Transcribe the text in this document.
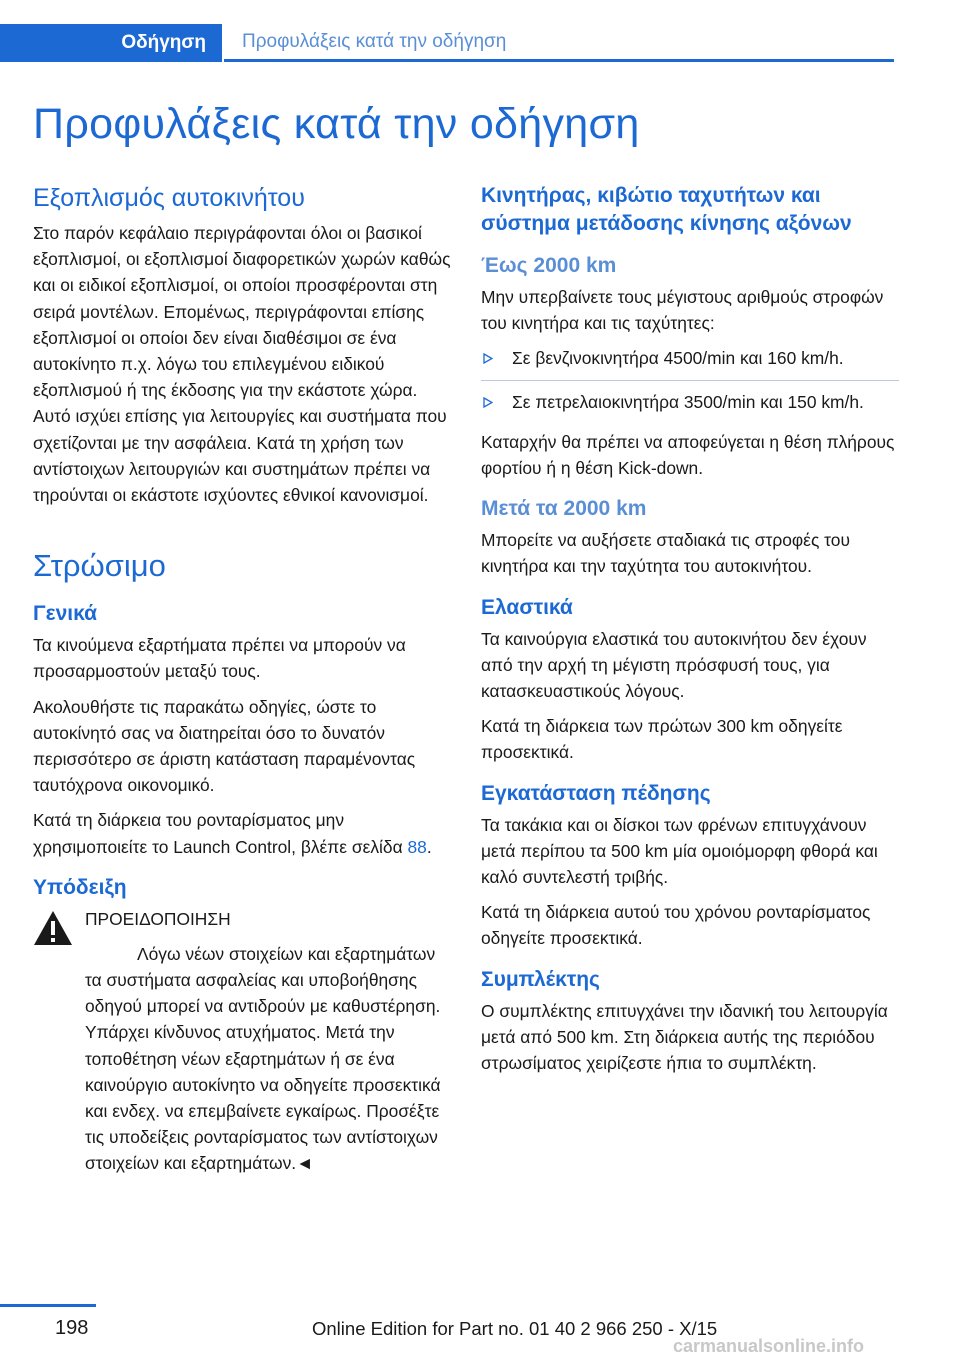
Οδήγηση	Προφυλάξεις κατά την οδήγηση
Προφυλάξεις κατά την οδήγηση
Εξοπλισμός αυτοκινήτου

Στο παρόν κεφάλαιο περιγράφονται όλοι οι βασικοί εξοπλισμοί, οι εξοπλισμοί διαφορετικών χωρών καθώς και οι ειδικοί εξοπλισμοί, οι οποίοι προσφέρονται στη σειρά μοντέλων. Επομένως, περιγράφονται επίσης εξοπλισμοί οι οποίοι δεν είναι διαθέσιμοι σε ένα αυτοκίνητο π.χ. λόγω του επιλεγμένου ειδικού εξοπλισμού ή της έκδοσης για την εκάστοτε χώρα. Αυτό ισχύει επίσης για λειτουργίες και συστήματα που σχετίζονται με την ασφάλεια. Κατά τη χρήση των αντίστοιχων λειτουργιών και συστημάτων πρέπει να τηρούνται οι εκάστοτε ισχύοντες εθνικοί κανονισμοί.

Στρώσιμο
Γενικά

Τα κινούμενα εξαρτήματα πρέπει να μπορούν να προσαρμοστούν μεταξύ τους.

Ακολουθήστε τις παρακάτω οδηγίες, ώστε το αυτοκίνητό σας να διατηρείται όσο το δυνατόν περισσότερο σε άριστη κατάσταση παραμένοντας ταυτόχρονα οικονομικό.

Κατά τη διάρκεια του ρονταρίσματος μην χρησιμοποιείτε το Launch Control, βλέπε σελίδα 88.

Υπόδειξη

ΠΡΟΕΙΔΟΠΟΙΗΣΗ

Λόγω νέων στοιχείων και εξαρτημάτων τα συστήματα ασφαλείας και υποβοήθησης οδηγού μπορεί να αντιδρούν με καθυστέρηση. Υπάρχει κίνδυνος ατυχήματος. Μετά την τοποθέτηση νέων εξαρτημάτων ή σε ένα καινούργιο αυτοκίνητο να οδηγείτε προσεκτικά και ενδεχ. να επεμβαίνετε εγκαίρως. Προσέξτε τις υποδείξεις ρονταρίσματος των αντίστοιχων στοιχείων και εξαρτημάτων.◄

Κινητήρας, κιβώτιο ταχυτήτων και σύστημα μετάδοσης κίνησης αξόνων
Έως 2000 km

Μην υπερβαίνετε τους μέγιστους αριθμούς στροφών του κινητήρα και τις ταχύτητες:

Σε βενζινοκινητήρα 4500/min και 160 km/h.
Σε πετρελαιοκινητήρα 3500/min και 150 km/h.

Καταρχήν θα πρέπει να αποφεύγεται η θέση πλήρους φορτίου ή η θέση Kick-down.

Μετά τα 2000 km

Μπορείτε να αυξήσετε σταδιακά τις στροφές του κινητήρα και την ταχύτητα του αυτοκινήτου.

Ελαστικά

Τα καινούργια ελαστικά του αυτοκινήτου δεν έχουν από την αρχή τη μέγιστη πρόσφυσή τους, για κατασκευαστικούς λόγους.

Κατά τη διάρκεια των πρώτων 300 km οδηγείτε προσεκτικά.

Εγκατάσταση πέδησης

Τα τακάκια και οι δίσκοι των φρένων επιτυγχάνουν μετά περίπου τα 500 km μία ομοιόμορφη φθορά και καλό συντελεστή τριβής.

Κατά τη διάρκεια αυτού του χρόνου ρονταρίσματος οδηγείτε προσεκτικά.

Συμπλέκτης

Ο συμπλέκτης επιτυγχάνει την ιδανική του λειτουργία μετά από 500 km. Στη διάρκεια αυτής της περιόδου στρωσίματος χειρίζεστε ήπια το συμπλέκτη.

198	Online Edition for Part no. 01 40 2 966 250 - X/15
carmanualsonline.info
